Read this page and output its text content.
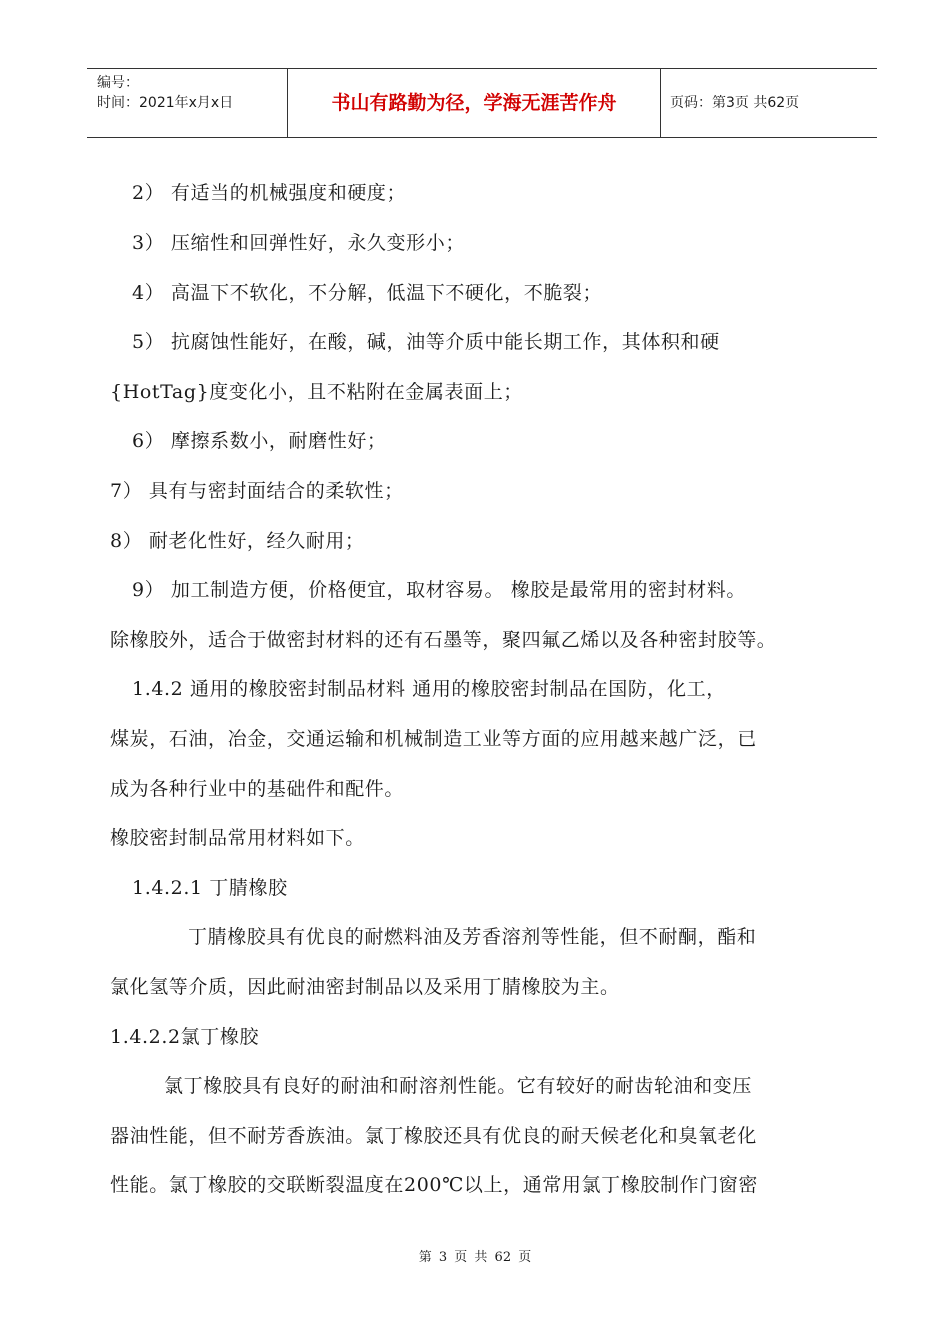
编号：
时间：2021年x月x日	书山有路勤为径，学海无涯苦作舟	页码：第3页 共62页
2） 有适当的机械强度和硬度；
3） 压缩性和回弹性好，永久变形小；
4） 高温下不软化，不分解，低温下不硬化，不脆裂；
5） 抗腐蚀性能好，在酸，碱，油等介质中能长期工作，其体积和硬
{HotTag}度变化小，且不粘附在金属表面上；
6） 摩擦系数小，耐磨性好；
7） 具有与密封面结合的柔软性；
8） 耐老化性好，经久耐用；
9） 加工制造方便，价格便宜，取材容易。 橡胶是最常用的密封材料。
除橡胶外，适合于做密封材料的还有石墨等，聚四氟乙烯以及各种密封胶等。
1.4.2 通用的橡胶密封制品材料 通用的橡胶密封制品在国防，化工，
煤炭，石油，冶金，交通运输和机械制造工业等方面的应用越来越广泛，已
成为各种行业中的基础件和配件。
橡胶密封制品常用材料如下。
1.4.2.1 丁腈橡胶
丁腈橡胶具有优良的耐燃料油及芳香溶剂等性能，但不耐酮，酯和
氯化氢等介质，因此耐油密封制品以及采用丁腈橡胶为主。
1.4.2.2氯丁橡胶
氯丁橡胶具有良好的耐油和耐溶剂性能。它有较好的耐齿轮油和变压
器油性能，但不耐芳香族油。氯丁橡胶还具有优良的耐天候老化和臭氧老化
性能。氯丁橡胶的交联断裂温度在200℃以上，通常用氯丁橡胶制作门窗密
第 3 页 共 62 页
